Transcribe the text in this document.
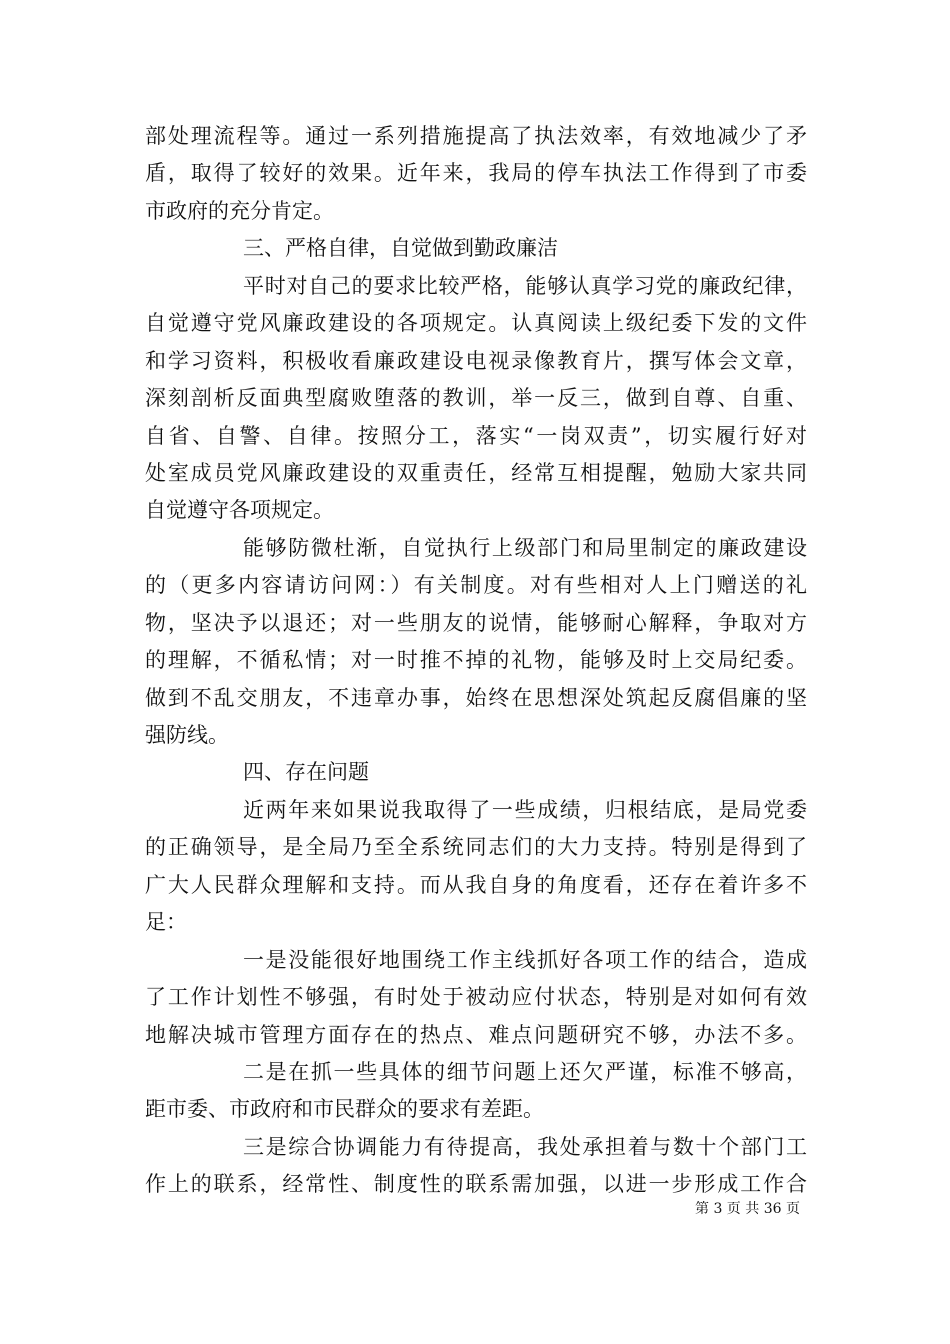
部处理流程等。通过一系列措施提高了执法效率，有效地减少了矛
盾，取得了较好的效果。近年来，我局的停车执法工作得到了市委
市政府的充分肯定。
三、严格自律，自觉做到勤政廉洁
平时对自己的要求比较严格，能够认真学习党的廉政纪律，
自觉遵守党风廉政建设的各项规定。认真阅读上级纪委下发的文件
和学习资料，积极收看廉政建设电视录像教育片，撰写体会文章，
深刻剖析反面典型腐败堕落的教训，举一反三，做到自尊、自重、
自省、自警、自律。按照分工，落实“一岗双责”，切实履行好对
处室成员党风廉政建设的双重责任，经常互相提醒，勉励大家共同
自觉遵守各项规定。
能够防微杜渐，自觉执行上级部门和局里制定的廉政建设
的（更多内容请访问网：）有关制度。对有些相对人上门赠送的礼
物，坚决予以退还；对一些朋友的说情，能够耐心解释，争取对方
的理解，不循私情；对一时推不掉的礼物，能够及时上交局纪委。
做到不乱交朋友，不违章办事，始终在思想深处筑起反腐倡廉的坚
强防线。
四、存在问题
近两年来如果说我取得了一些成绩，归根结底，是局党委
的正确领导，是全局乃至全系统同志们的大力支持。特别是得到了
广大人民群众理解和支持。而从我自身的角度看，还存在着许多不
足：
一是没能很好地围绕工作主线抓好各项工作的结合，造成
了工作计划性不够强，有时处于被动应付状态，特别是对如何有效
地解决城市管理方面存在的热点、难点问题研究不够，办法不多。
二是在抓一些具体的细节问题上还欠严谨，标准不够高，
距市委、市政府和市民群众的要求有差距。
三是综合协调能力有待提高，我处承担着与数十个部门工
作上的联系，经常性、制度性的联系需加强，以进一步形成工作合
第 3 页 共 36 页
